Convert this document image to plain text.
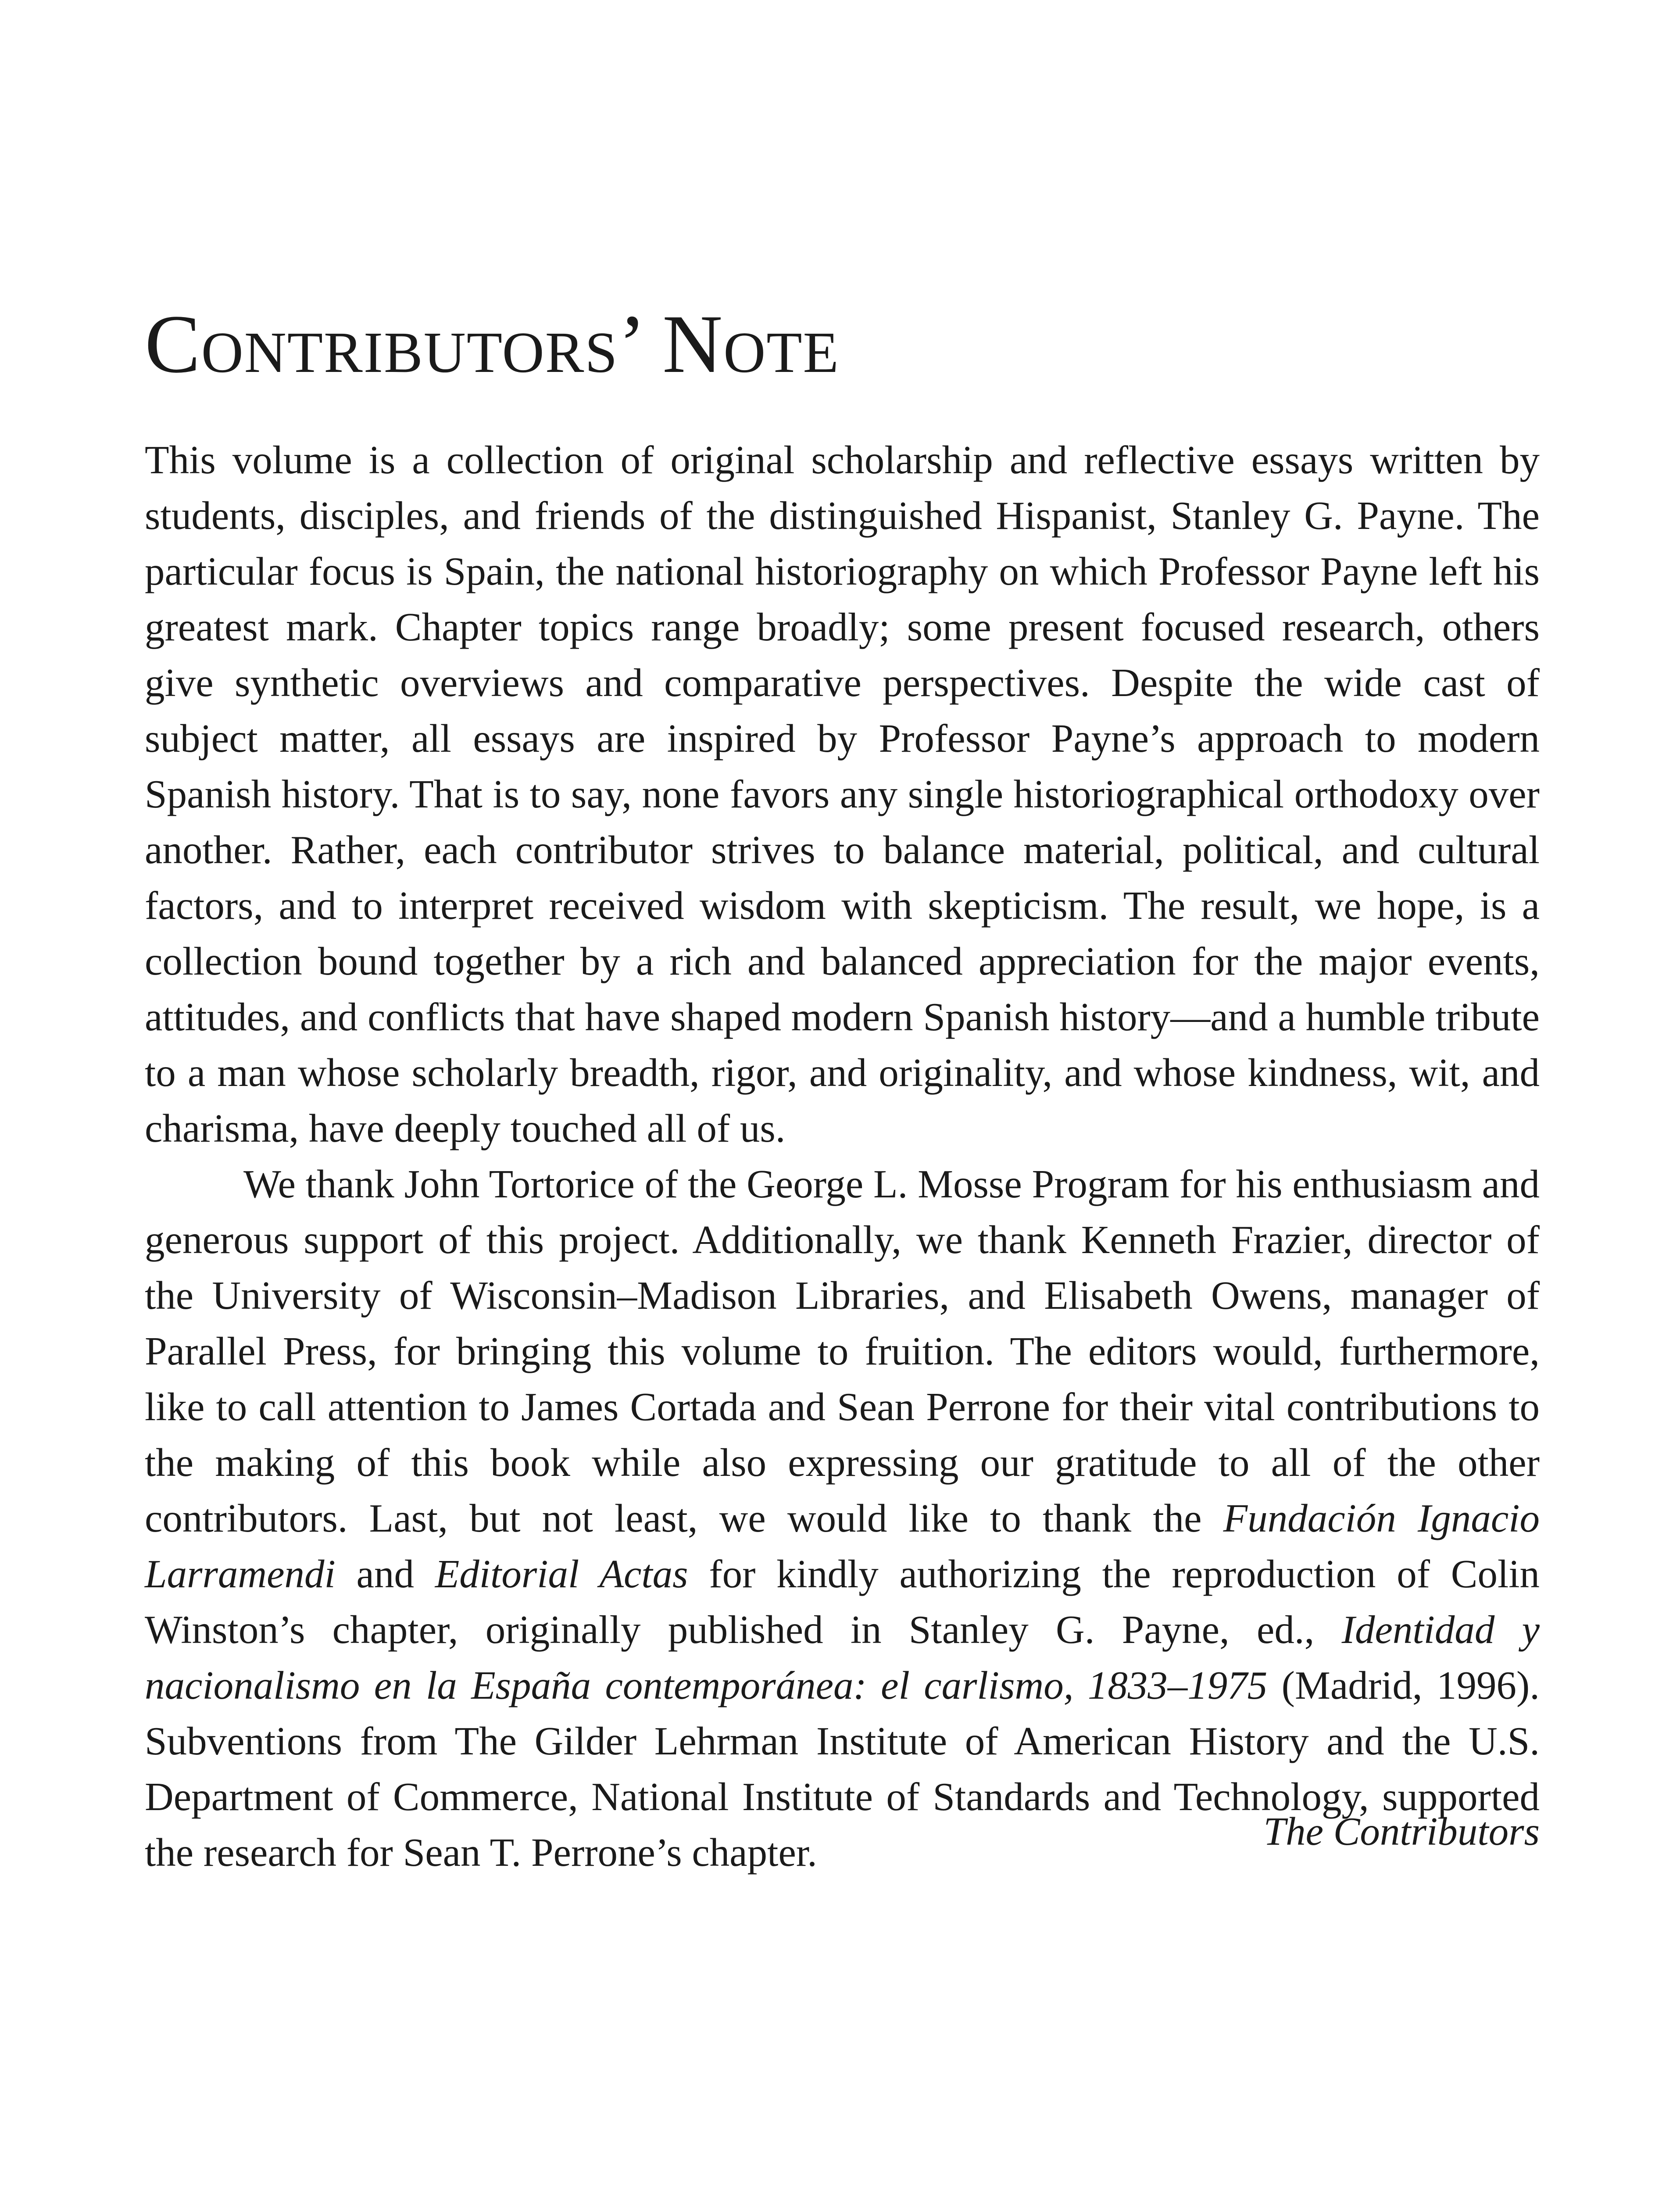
Contributors’ Note

This volume is a collection of original scholarship and reflective essays written by students, disciples, and friends of the distinguished Hispanist, Stanley G. Payne. The particular focus is Spain, the national historiography on which Professor Payne left his greatest mark. Chapter topics range broadly; some present focused research, others give synthetic overviews and comparative perspectives. Despite the wide cast of subject matter, all essays are inspired by Professor Payne’s approach to modern Spanish history. That is to say, none favors any single historiographical orthodoxy over another. Rather, each contributor strives to balance material, political, and cultural factors, and to interpret received wisdom with skepticism. The result, we hope, is a collection bound together by a rich and balanced appreciation for the major events, attitudes, and conflicts that have shaped modern Spanish history—and a humble tribute to a man whose scholarly breadth, rigor, and originality, and whose kindness, wit, and charisma, have deeply touched all of us.

We thank John Tortorice of the George L. Mosse Program for his enthusiasm and generous support of this project. Additionally, we thank Kenneth Frazier, director of the University of Wisconsin–Madison Libraries, and Elisabeth Owens, manager of Parallel Press, for bringing this volume to fruition. The editors would, furthermore, like to call attention to James Cortada and Sean Perrone for their vital contributions to the making of this book while also expressing our gratitude to all of the other contributors. Last, but not least, we would like to thank the Fundación Ignacio Larramendi and Editorial Actas for kindly authorizing the reproduction of Colin Winston’s chapter, originally published in Stanley G. Payne, ed., Identidad y nacionalismo en la España contemporánea: el carlismo, 1833–1975 (Madrid, 1996). Subventions from The Gilder Lehrman Institute of American History and the U.S. Department of Commerce, National Institute of Standards and Technology, supported the research for Sean T. Perrone’s chapter.	The Contributors
